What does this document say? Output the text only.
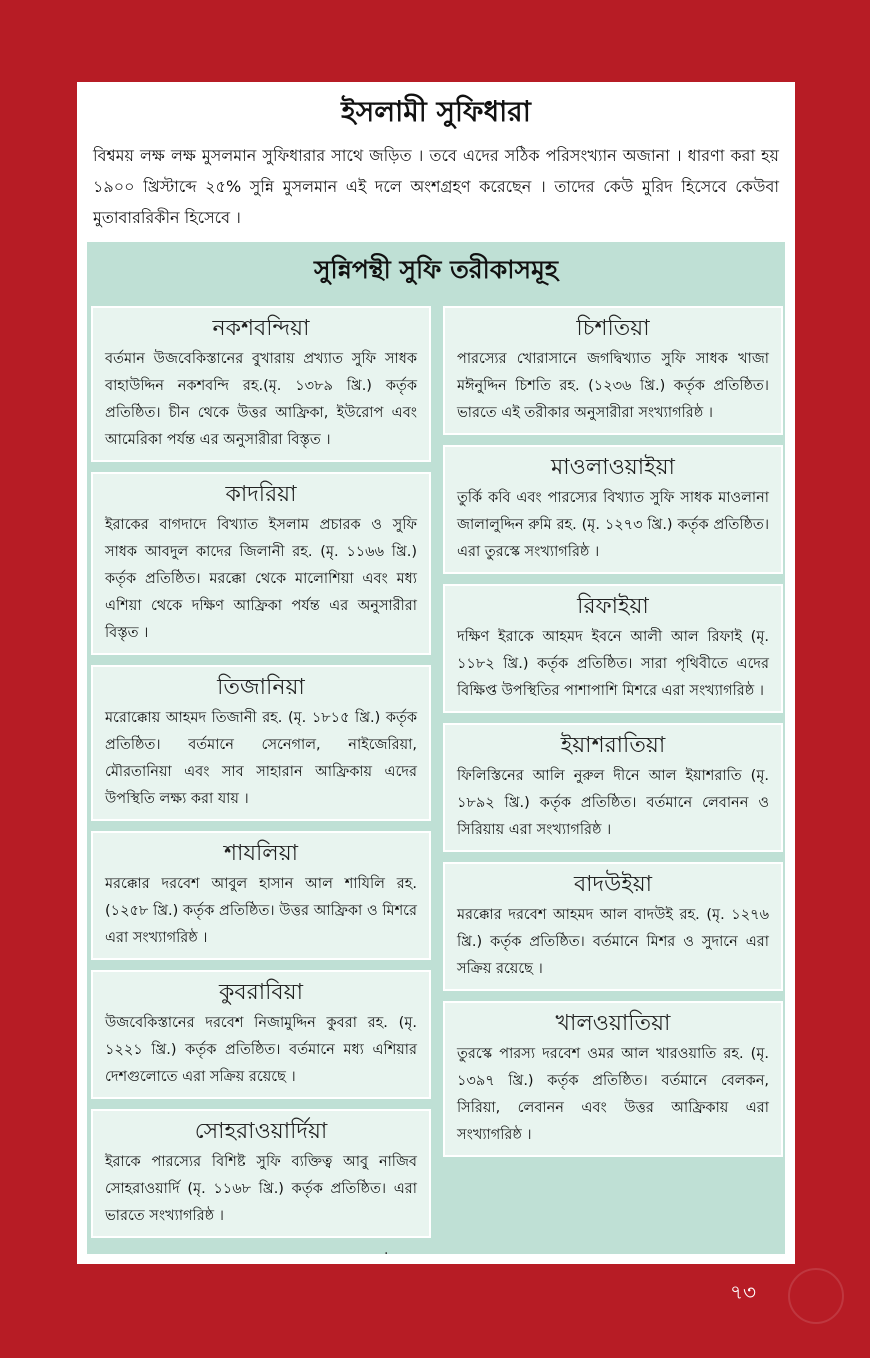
ইসলামী সুফিধারা
বিশ্বময় লক্ষ লক্ষ মুসলমান সুফিধারার সাথে জড়িত । তবে এদের সঠিক পরিসংখ্যান অজানা । ধারণা করা হয় ১৯০০ খ্রিস্টাব্দে ২৫% সুন্নি মুসলমান এই দলে অংশগ্রহণ করেছেন । তাদের কেউ মুরিদ হিসেবে কেউবা মুতাবাররিকীন হিসেবে ।
সুন্নিপন্থী সুফি তরীকাসমূহ
নকশবন্দিয়া

বর্তমান উজবেকিস্তানের বুখারায় প্রখ্যাত সুফি সাধক বাহাউদ্দিন নকশবন্দি রহ.(মৃ. ১৩৮৯ খ্রি.) কর্তৃক প্রতিষ্ঠিত। চীন থেকে উত্তর আফ্রিকা, ইউরোপ এবং আমেরিকা পর্যন্ত এর অনুসারীরা বিস্তৃত ।

কাদরিয়া

ইরাকের বাগদাদে বিখ্যাত ইসলাম প্রচারক ও সুফি সাধক আবদুল কাদের জিলানী রহ. (মৃ. ১১৬৬ খ্রি.) কর্তৃক প্রতিষ্ঠিত। মরক্কো থেকে মালোশিয়া এবং মধ্য এশিয়া থেকে দক্ষিণ আফ্রিকা পর্যন্ত এর অনুসারীরা বিস্তৃত ।

তিজানিয়া

মরোক্কোয় আহমদ তিজানী রহ. (মৃ. ১৮১৫ খ্রি.) কর্তৃক প্রতিষ্ঠিত। বর্তমানে সেনেগাল, নাইজেরিয়া, মৌরতানিয়া এবং সাব সাহারান আফ্রিকায় এদের উপস্থিতি লক্ষ্য করা যায় ।

শাযলিয়া

মরক্কোর দরবেশ আবুল হাসান আল শাযিলি রহ. (১২৫৮ খ্রি.) কর্তৃক প্রতিষ্ঠিত। উত্তর আফ্রিকা ও মিশরে এরা সংখ্যাগরিষ্ঠ ।

কুবরাবিয়া

উজবেকিস্তানের দরবেশ নিজামুদ্দিন কুবরা রহ. (মৃ. ১২২১ খ্রি.) কর্তৃক প্রতিষ্ঠিত। বর্তমানে মধ্য এশিয়ার দেশগুলোতে এরা সক্রিয় রয়েছে ।

সোহরাওয়ার্দিয়া

ইরাকে পারস্যের বিশিষ্ট সুফি ব্যক্তিত্ব আবু নাজিব সোহরাওয়ার্দি (মৃ. ১১৬৮ খ্রি.) কর্তৃক প্রতিষ্ঠিত। এরা ভারতে সংখ্যাগরিষ্ঠ ।

চিশতিয়া

পারস্যের খোরাসানে জগদ্বিখ্যাত সুফি সাধক খাজা মঈনুদ্দিন চিশতি রহ. (১২৩৬ খ্রি.) কর্তৃক প্রতিষ্ঠিত। ভারতে এই তরীকার অনুসারীরা সংখ্যাগরিষ্ঠ ।

মাওলাওয়াইয়া

তুর্কি কবি এবং পারস্যের বিখ্যাত সুফি সাধক মাওলানা জালালুদ্দিন রুমি রহ. (মৃ. ১২৭৩ খ্রি.) কর্তৃক প্রতিষ্ঠিত। এরা তুরস্কে সংখ্যাগরিষ্ঠ ।

রিফাইয়া

দক্ষিণ ইরাকে আহমদ ইবনে আলী আল রিফাই (মৃ. ১১৮২ খ্রি.) কর্তৃক প্রতিষ্ঠিত। সারা পৃথিবীতে এদের বিক্ষিপ্ত উপস্থিতির পাশাপাশি মিশরে এরা সংখ্যাগরিষ্ঠ ।

ইয়াশরাতিয়া

ফিলিস্তিনের আলি নুরুল দীনে আল ইয়াশরাতি (মৃ. ১৮৯২ খ্রি.) কর্তৃক প্রতিষ্ঠিত। বর্তমানে লেবানন ও সিরিয়ায় এরা সংখ্যাগরিষ্ঠ ।

বাদউইয়া

মরক্কোর দরবেশ আহমদ আল বাদউই রহ. (মৃ. ১২৭৬ খ্রি.) কর্তৃক প্রতিষ্ঠিত। বর্তমানে মিশর ও সুদানে এরা সক্রিয় রয়েছে ।

খালওয়াতিয়া

তুরস্কে পারস্য দরবেশ ওমর আল খারওয়াতি রহ. (মৃ. ১৩৯৭ খ্রি.) কর্তৃক প্রতিষ্ঠিত। বর্তমানে বেলকন, সিরিয়া, লেবানন এবং উত্তর আফ্রিকায় এরা সংখ্যাগরিষ্ঠ ।

.
৭৩
